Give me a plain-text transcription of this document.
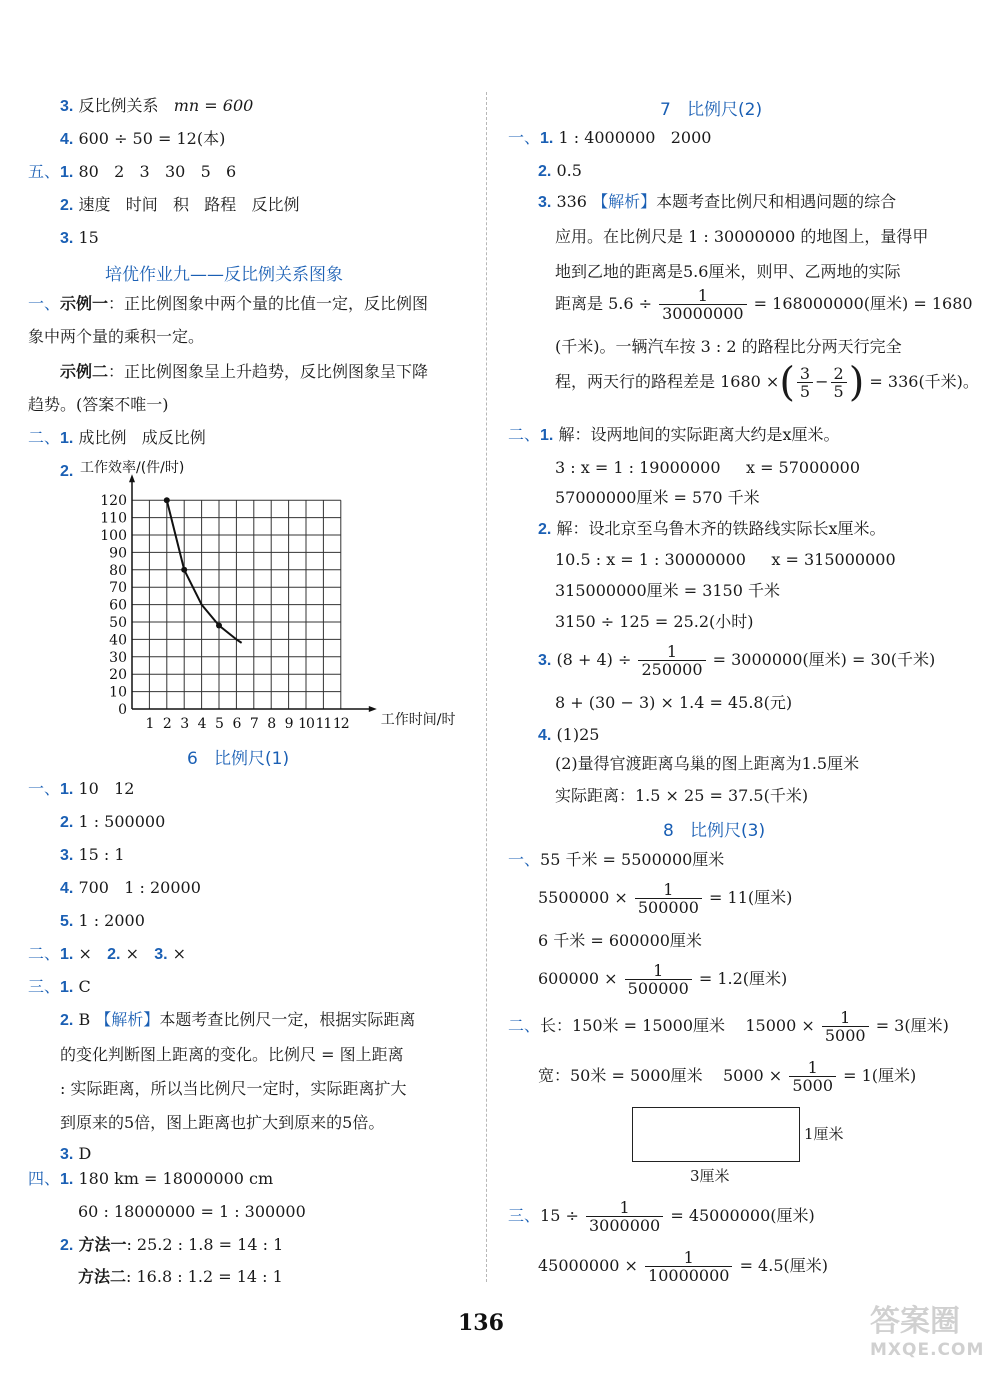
3. 反比例关系 mn = 600
4. 600 ÷ 50 = 12(本)
五、1. 80   2   3   30   5   6
2. 速度   时间   积   路程   反比例
3. 15
培优作业九——反比例关系图象
一、示例一：正比例图象中两个量的比值一定，反比例图
象中两个量的乘积一定。
示例二：正比例图象呈上升趋势，反比例图象呈下降
趋势。(答案不唯一)
二、1. 成比例   成反比例
2.
0
10
20
30
40
50
60
70
80
90
100
110
120
1 2 3 4 5 6 7 8 9 10 11 12
工作效率/(件/时)
工作时间/时
6   比例尺(1)
一、1. 10   12
2. 1 : 500000
3. 15 : 1
4. 700   1 : 20000
5. 1 : 2000
二、1. × 2. × 3. ×
三、1. C
2. B 【解析】本题考查比例尺一定，根据实际距离
的变化判断图上距离的变化。比例尺 = 图上距离
: 实际距离，所以当比例尺一定时，实际距离扩大
到原来的5倍，图上距离也扩大到原来的5倍。
3. D
四、1. 180 km = 18000000 cm
60 : 18000000 = 1 : 300000
2. 方法一: 25.2 : 1.8 = 14 : 1
方法二: 16.8 : 1.2 = 14 : 1
7   比例尺(2)
一、1. 1 : 4000000   2000
2. 0.5
3. 336 【解析】本题考查比例尺和相遇问题的综合
应用。在比例尺是 1 : 30000000 的地图上，量得甲
地到乙地的距离是5.6厘米，则甲、乙两地的实际
距离是 $5.6 \div \frac{1}{30000000} = 168000000$(厘米) = 1680
(千米)。一辆汽车按 3 : 2 的路程比分两天行完全
程，两天行的路程差是 1680 ×( $\frac{3}{5} - \frac{2}{5}$ ) = 336(千米)。
二、1. 解：设两地间的实际距离大约是x厘米。
3 : x = 1 : 19000000     x = 57000000
57000000厘米 = 570 千米
2. 解：设北京至乌鲁木齐的铁路线实际长x厘米。
10.5 : x = 1 : 30000000     x = 315000000
315000000厘米 = 3150 千米
3150 ÷ 125 = 25.2(小时)
3. $(8 + 4) \div \frac{1}{250000} = 3000000$(厘米) = 30(千米)
8 + (30 − 3) × 1.4 = 45.8(元)
4. (1)25
(2)量得官渡距离乌巢的图上距离为1.5厘米
实际距离：1.5 × 25 = 37.5(千米)
8   比例尺(3)
一、55 千米 = 5500000厘米
$5500000 \times \frac{1}{500000} = 11$(厘米)
6 千米 = 600000厘米
$600000 \times \frac{1}{500000} = 1.2$(厘米)
二、长：150米 = 15000厘米    $15000 \times \frac{1}{5000} = 3$(厘米)
宽：50米 = 5000厘米    $5000 \times \frac{1}{5000} = 1$(厘米)
1厘米
3厘米
三、$15 \div \frac{1}{3000000} = 45000000$(厘米)
$45000000 \times \frac{1}{10000000} = 4.5$(厘米)
136	答案圈
MXQE.COM
